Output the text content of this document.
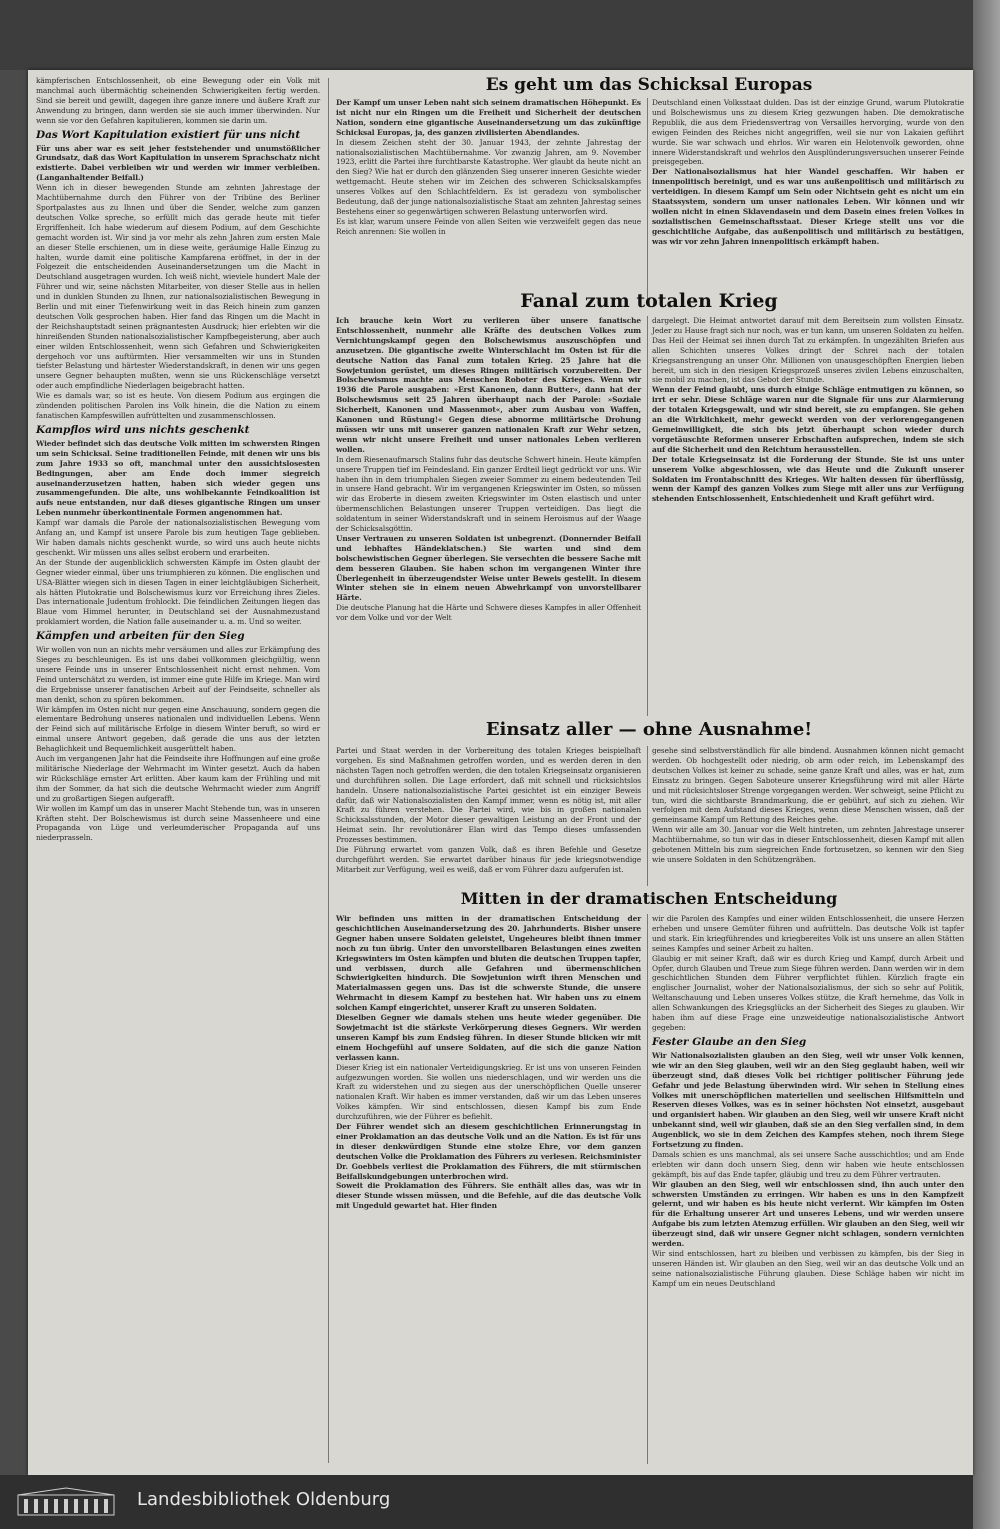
kämpferischen Entschlossenheit, ob eine Bewegung oder ein Volk mit manchmal auch übermächtig scheinenden Schwierigkeiten fertig werden. Sind sie bereit und gewillt, dagegen ihre ganze innere und äußere Kraft zur Anwendung zu bringen, dann werden sie sie auch immer überwinden. Nur wenn sie vor den Gefahren kapitulieren, kommen sie darin um.

Das Wort Kapitulation existiert für uns nicht

Für uns aber war es seit jeher feststehender und unumstößlicher Grundsatz, daß das Wort Kapitulation in unserem Sprachschatz nicht existierte. Dabei verbleiben wir und werden wir immer verbleiben. (Langanhaltender Beifall.)

Wenn ich in dieser bewegenden Stunde am zehnten Jahrestage der Machtübernahme durch den Führer von der Tribüne des Berliner Sportpalastes aus zu Ihnen und über die Sender, welche zum ganzen deutschen Volke spreche, so erfüllt mich das gerade heute mit tiefer Ergriffenheit. Ich habe wiederum auf diesem Podium, auf dem Geschichte gemacht worden ist. Wir sind ja vor mehr als zehn Jahren zum ersten Male an dieser Stelle erschienen, um in diese weite, geräumige Halle Einzug zu halten, wurde damit eine politische Kampfarena eröffnet, in der in der Folgezeit die entscheidenden Auseinandersetzungen um die Macht in Deutschland ausgetragen wurden. Ich weiß nicht, wieviele hundert Male der Führer und wir, seine nächsten Mitarbeiter, von dieser Stelle aus in hellen und in dunklen Stunden zu Ihnen, zur nationalsozialistischen Bewegung in Berlin und mit einer Tiefenwirkung weit in das Reich hinein zum ganzen deutschen Volk gesprochen haben. Hier fand das Ringen um die Macht in der Reichshauptstadt seinen prägnantesten Ausdruck; hier erlebten wir die hinreißenden Stunden nationalsozialistischer Kampfbegeisterung, aber auch einer wilden Entschlossenheit, wenn sich Gefahren und Schwierigkeiten dergehoch vor uns auftürmten. Hier versammelten wir uns in Stunden tiefster Belastung und härtester Wiederstandskraft, in denen wir uns gegen unsere Gegner behaupten mußten, wenn sie uns Rückenschläge versetzt oder auch empfindliche Niederlagen beigebracht hatten.

Wie es damals war, so ist es heute. Von diesem Podium aus ergingen die zündenden politischen Parolen ins Volk hinein, die die Nation zu einem fanatischen Kampfeswillen aufrüttelten und zusammenschlossen.

Kampflos wird uns nichts geschenkt

Wieder befindet sich das deutsche Volk mitten im schwersten Ringen um sein Schicksal. Seine traditionellen Feinde, mit denen wir uns bis zum Jahre 1933 so oft, manchmal unter den aussichtslosesten Bedingungen, aber am Ende doch immer siegreich auseinanderzusetzen hatten, haben sich wieder gegen uns zusammengefunden. Die alte, uns wohlbekannte Feindkoalition ist aufs neue entstanden, nur daß dieses gigantische Ringen um unser Leben nunmehr überkontinentale Formen angenommen hat.

Kampf war damals die Parole der nationalsozialistischen Bewegung vom Anfang an, und Kampf ist unsere Parole bis zum heutigen Tage geblieben. Wir haben damals nichts geschenkt wurde, so wird uns auch heute nichts geschenkt. Wir müssen uns alles selbst erobern und erarbeiten.

An der Stunde der augenblicklich schwersten Kämpfe im Osten glaubt der Gegner wieder einmal, über uns triumphieren zu können. Die englischen und USA-Blätter wiegen sich in diesen Tagen in einer leichtgläubigen Sicherheit, als hätten Plutokratie und Bolschewismus kurz vor Erreichung ihres Zieles. Das internationale Judentum frohlockt. Die feindlichen Zeitungen liegen das Blaue vom Himmel herunter, in Deutschland sei der Ausnahmezustand proklamiert worden, die Nation falle auseinander u. a. m. Und so weiter.

Kämpfen und arbeiten für den Sieg

Wir wollen von nun an nichts mehr versäumen und alles zur Erkämpfung des Sieges zu beschleunigen. Es ist uns dabei vollkommen gleichgültig, wenn unsere Feinde uns in unserer Entschlossenheit nicht ernst nehmen. Vom Feind unterschätzt zu werden, ist immer eine gute Hilfe im Kriege. Man wird die Ergebnisse unserer fanatischen Arbeit auf der Feindseite, schneller als man denkt, schon zu spüren bekommen.

Wir kämpfen im Osten nicht nur gegen eine Anschauung, sondern gegen die elementare Bedrohung unseres nationalen und individuellen Lebens. Wenn der Feind sich auf militärische Erfolge in diesem Winter beruft, so wird er einmal unsere Antwort gegeben, daß gerade die uns aus der letzten Behaglichkeit und Bequemlichkeit ausgerüttelt haben.

Auch im vergangenen Jahr hat die Feindseite ihre Hoffnungen auf eine große militärische Niederlage der Wehrmacht im Winter gesetzt. Auch da haben wir Rückschläge ernster Art erlitten. Aber kaum kam der Frühling und mit ihm der Sommer, da hat sich die deutsche Wehrmacht wieder zum Angriff und zu großartigen Siegen aufgerafft.

Wir wollen im Kampf um das in unserer Macht Stehende tun, was in unseren Kräften steht. Der Bolschewismus ist durch seine Massenheere und eine Propaganda von Lüge und verleumderischer Propaganda auf uns niederprasseln.

Es geht um das Schicksal Europas

Der Kampf um unser Leben naht sich seinem dramatischen Höhepunkt. Es ist nicht nur ein Ringen um die Freiheit und Sicherheit der deutschen Nation, sondern eine gigantische Auseinandersetzung um das zukünftige Schicksal Europas, ja, des ganzen zivilisierten Abendlandes.

In diesem Zeichen steht der 30. Januar 1943, der zehnte Jahrestag der nationalsozialistischen Machtübernahme. Vor zwanzig Jahren, am 9. November 1923, erlitt die Partei ihre furchtbarste Katastrophe. Wer glaubt da heute nicht an den Sieg? Wie hat er durch den glänzenden Sieg unserer inneren Gesichte wieder wettgemacht. Heute stehen wir im Zeichen des schweren Schicksalskampfes unseres Volkes auf den Schlachtfeldern. Es ist geradezu von symbolischer Bedeutung, daß der junge nationalsozialistische Staat am zehnten Jahrestag seines Bestehens einer so gegenwärtigen schweren Belastung unterworfen wird.

Es ist klar, warum unsere Feinde von allen Seiten wie verzweifelt gegen das neue Reich anrennen: Sie wollen in

Deutschland einen Volksstaat dulden. Das ist der einzige Grund, warum Plutokratie und Bolschewismus uns zu diesem Krieg gezwungen haben. Die demokratische Republik, die aus dem Friedensvertrag von Versailles hervorging, wurde von den ewigen Feinden des Reiches nicht angegriffen, weil sie nur von Lakaien geführt wurde. Sie war schwach und ehrlos. Wir waren ein Helotenvolk geworden, ohne innere Widerstandskraft und wehrlos den Ausplünderungsversuchen unserer Feinde preisgegeben.

Der Nationalsozialismus hat hier Wandel geschaffen. Wir haben er innenpolitisch bereinigt, und es war uns außenpolitisch und militärisch zu verteidigen. In diesem Kampf um Sein oder Nichtsein geht es nicht um ein Staatssystem, sondern um unser nationales Leben. Wir können und wir wollen nicht in einen Sklavendasein und dem Dasein eines freien Volkes in sozialistischen Gemeinschaftsstaat. Dieser Kriege stellt uns vor die geschichtliche Aufgabe, das außenpolitisch und militärisch zu bestätigen, was wir vor zehn Jahren innenpolitisch erkämpft haben.

Fanal zum totalen Krieg

Ich brauche kein Wort zu verlieren über unsere fanatische Entschlossenheit, nunmehr alle Kräfte des deutschen Volkes zum Vernichtungskampf gegen den Bolschewismus auszuschöpfen und anzusetzen. Die gigantische zweite Winterschlacht im Osten ist für die deutsche Nation das Fanal zum totalen Krieg. 25 Jahre hat die Sowjetunion gerüstet, um dieses Ringen militärisch vorzubereiten. Der Bolschewismus machte aus Menschen Roboter des Krieges. Wenn wir 1936 die Parole ausgaben: »Erst Kanonen, dann Butter«, dann hat der Bolschewismus seit 25 Jahren überhaupt nach der Parole: »Soziale Sicherheit, Kanonen und Massenmot«, aber zum Ausbau von Waffen, Kanonen und Rüstung!« Gegen diese abnorme militärische Drohung müssen wir uns mit unserer ganzen nationalen Kraft zur Wehr setzen, wenn wir nicht unsere Freiheit und unser nationales Leben verlieren wollen.

In dem Riesenaufmarsch Stalins fuhr das deutsche Schwert hinein. Heute kämpfen unsere Truppen tief im Feindesland. Ein ganzer Erdteil liegt gedrückt vor uns. Wir haben ihn in dem triumphalen Siegen zweier Sommer zu einem bedeutenden Teil in unsere Hand gebracht. Wir im vergangenen Kriegswinter im Osten, so müssen wir das Eroberte in diesem zweiten Kriegswinter im Osten elastisch und unter übermenschlichen Belastungen unserer Truppen verteidigen. Das liegt die soldatentum in seiner Widerstandskraft und in seinem Heroismus auf der Waage der Schicksalsgöttin.

Unser Vertrauen zu unseren Soldaten ist unbegrenzt. (Donnernder Beifall und lebhaftes Händeklatschen.) Sie warten und sind dem bolschewistischen Gegner überlegen. Sie versechten die bessere Sache mit dem besseren Glauben. Sie haben schon im vergangenen Winter ihre Überlegenheit in überzeugendster Weise unter Beweis gestellt. In diesem Winter stehen sie in einem neuen Abwehrkampf von unvorstellbarer Härte.

Die deutsche Planung hat die Härte und Schwere dieses Kampfes in aller Offenheit vor dem Volke und vor der Welt

dargelegt. Die Heimat antwortet darauf mit dem Bereitsein zum vollsten Einsatz. Jeder zu Hause fragt sich nur noch, was er tun kann, um unseren Soldaten zu helfen. Das Heil der Heimat sei ihnen durch Tat zu erkämpfen. In ungezählten Briefen aus allen Schichten unseres Volkes dringt der Schrei nach der totalen Kriegsanstrengung an unser Ohr. Millionen von unausgeschöpften Energien lieben bereit, um sich in den riesigen Kriegsprozeß unseres zivilen Lebens einzuschalten, sie mobil zu machen, ist das Gebot der Stunde.

Wenn der Feind glaubt, uns durch einige Schläge entmutigen zu können, so irrt er sehr. Diese Schläge waren nur die Signale für uns zur Alarmierung der totalen Kriegsgewalt, und wir sind bereit, sie zu empfangen. Sie gehen an die Wirklichkeit, mehr geweckt werden von der verlorengegangenen Gemeinwilligkeit, die sich bis jetzt überhaupt schon wieder durch vorgetäuschte Reformen unserer Erbschaften aufsprechen, indem sie sich auf die Sicherheit und den Reichtum herausstellen.

Der totale Kriegseinsatz ist die Forderung der Stunde. Sie ist uns unter unserem Volke abgeschlossen, wie das Heute und die Zukunft unserer Soldaten im Frontabschnitt des Krieges. Wir halten dessen für überflüssig, wenn der Kampf des ganzen Volkes zum Siege mit aller uns zur Verfügung stehenden Entschlossenheit, Entschiedenheit und Kraft geführt wird.

Einsatz aller — ohne Ausnahme!

Partei und Staat werden in der Vorbereitung des totalen Krieges beispielhaft vorgehen. Es sind Maßnahmen getroffen worden, und es werden deren in den nächsten Tagen noch getroffen werden, die den totalen Kriegseinsatz organisieren und durchführen sollen. Die Lage erfordert, daß mit schnell und rücksichtslos handeln. Unsere nationalsozialistische Partei gesichtet ist ein einziger Beweis dafür, daß wir Nationalsozialisten den Kampf immer, wenn es nötig ist, mit aller Kraft zu führen verstehen. Die Partei wird, wie bis in großen nationalen Schicksalsstunden, der Motor dieser gewaltigen Leistung an der Front und der Heimat sein. Ihr revolutionärer Elan wird das Tempo dieses umfassenden Prozesses bestimmen.

Die Führung erwartet vom ganzen Volk, daß es ihren Befehle und Gesetze durchgeführt werden. Sie erwartet darüber hinaus für jede kriegsnotwendige Mitarbeit zur Verfügung, weil es weiß, daß er vom Führer dazu aufgerufen ist.

gesehe sind selbstverständlich für alle bindend. Ausnahmen können nicht gemacht werden. Ob hochgestellt oder niedrig, ob arm oder reich, im Lebenskampf des deutschen Volkes ist keiner zu schade, seine ganze Kraft und alles, was er hat, zum Einsatz zu bringen. Gegen Saboteure unserer Kriegsführung wird mit aller Härte und mit rücksichtsloser Strenge vorgegangen werden. Wer schweigt, seine Pflicht zu tun, wird die sichtbarste Brandmarkung, die er gebührt, auf sich zu ziehen. Wir verfolgen mit dem Aufstand dieses Krieges, wenn diese Menschen wissen, daß der gemeinsame Kampf um Rettung des Reiches gehe.

Wenn wir alle am 30. Januar vor die Welt hintreten, um zehnten Jahrestage unserer Machtübernahme, so tun wir das in dieser Entschlossenheit, diesen Kampf mit allen gebotenen Mitteln bis zum siegreichen Ende fortzusetzen, so kennen wir den Sieg wie unsere Soldaten in den Schützengräben.

Mitten in der dramatischen Entscheidung

Wir befinden uns mitten in der dramatischen Entscheidung der geschichtlichen Auseinandersetzung des 20. Jahrhunderts. Bisher unsere Gegner haben unsere Soldaten geleistet, Ungeheures bleibt ihnen immer noch zu tun übrig. Unter den unvorstellbaren Belastungen eines zweiten Kriegswinters im Osten kämpfen und bluten die deutschen Truppen tapfer, und verbissen, durch alle Gefahren und übermenschlichen Schwierigkeiten hindurch. Die Sowjetunion wirft ihren Menschen und Materialmassen gegen uns. Das ist die schwerste Stunde, die unsere Wehrmacht in diesem Kampf zu bestehen hat. Wir haben uns zu einem solchen Kampf eingerichtet, unserer Kraft zu unseren Soldaten.

Dieselben Gegner wie damals stehen uns heute wieder gegenüber. Die Sowjetmacht ist die stärkste Verkörperung dieses Gegners. Wir werden unseren Kampf bis zum Endsieg führen. In dieser Stunde blicken wir mit einem Hochgefühl auf unsere Soldaten, auf die sich die ganze Nation verlassen kann.

Dieser Krieg ist ein nationaler Verteidigungskrieg. Er ist uns von unseren Feinden aufgezwungen worden. Sie wollen uns niederschlagen, und wir werden uns die Kraft zu widerstehen und zu siegen aus der unerschöpflichen Quelle unserer nationalen Kraft. Wir haben es immer verstanden, daß wir um das Leben unseres Volkes kämpfen. Wir sind entschlossen, diesen Kampf bis zum Ende durchzuführen, wie der Führer es befiehlt.

Der Führer wendet sich an diesem geschichtlichen Erinnerungstag in einer Proklamation an das deutsche Volk und an die Nation. Es ist für uns in dieser denkwürdigen Stunde eine stolze Ehre, vor dem ganzen deutschen Volke die Proklamation des Führers zu verlesen. Reichsminister Dr. Goebbels verliest die Proklamation des Führers, die mit stürmischen Beifallskundgebungen unterbrochen wird.

Soweit die Proklamation des Führers. Sie enthält alles das, was wir in dieser Stunde wissen müssen, und die Befehle, auf die das deutsche Volk mit Ungeduld gewartet hat. Hier finden

wir die Parolen des Kampfes und einer wilden Entschlossenheit, die unsere Herzen erheben und unsere Gemüter führen und aufrütteln. Das deutsche Volk ist tapfer und stark. Ein kriegführendes und kriegbereites Volk ist uns unsere an allen Stätten seines Kampfes und seiner Arbeit zu halten.

Glaubig er mit seiner Kraft, daß wir es durch Krieg und Kampf, durch Arbeit und Opfer, durch Glauben und Treue zum Siege führen werden. Dann werden wir in dem geschichtlichen Stunden dem Führer verpflichtet fühlen. Kürzlich fragte ein englischer Journalist, woher der Nationalsozialismus, der sich so sehr auf Politik, Weltanschauung und Leben unseres Volkes stütze, die Kraft hernehme, das Volk in allen Schwankungen des Kriegsglücks an der Sicherheit des Sieges zu glauben. Wir haben ihm auf diese Frage eine unzweideutige nationalsozialistische Antwort gegeben:

Fester Glaube an den Sieg

Wir Nationalsozialisten glauben an den Sieg, weil wir unser Volk kennen, wie wir an den Sieg glauben, weil wir an den Sieg geglaubt haben, weil wir überzeugt sind, daß dieses Volk bei richtiger politischer Führung jede Gefahr und jede Belastung überwinden wird. Wir sehen in Stellung eines Volkes mit unerschöpflichen materiellen und seelischen Hilfsmitteln und Reserven dieses Volkes, was es in seiner höchsten Not einsetzt, ausgebaut und organisiert haben. Wir glauben an den Sieg, weil wir unsere Kraft nicht unbekannt sind, weil wir glauben, daß sie an den Sieg verfallen sind, in dem Augenblick, wo sie in dem Zeichen des Kampfes stehen, noch ihrem Siege Fortsetzung zu finden.

Damals schien es uns manchmal, als sei unsere Sache ausschichtlos; und am Ende erlebten wir dann doch unsern Sieg, denn wir haben wie heute entschlossen gekämpft, bis auf das Ende tapfer, gläubig und treu zu dem Führer vertrauten.

Wir glauben an den Sieg, weil wir entschlossen sind, ihn auch unter den schwersten Umständen zu erringen. Wir haben es uns in den Kampfzeit gelernt, und wir haben es bis heute nicht verlernt. Wir kämpfen im Osten für die Erhaltung unserer Art und unseres Lebens, und wir werden unsere Aufgabe bis zum letzten Atemzug erfüllen. Wir glauben an den Sieg, weil wir überzeugt sind, daß wir unsere Gegner nicht schlagen, sondern vernichten werden.

Wir sind entschlossen, hart zu bleiben und verbissen zu kämpfen, bis der Sieg in unseren Händen ist. Wir glauben an den Sieg, weil wir an das deutsche Volk und an seine nationalsozialistische Führung glauben. Diese Schläge haben wir nicht im Kampf um ein neues Deutschland

Landesbibliothek Oldenburg
